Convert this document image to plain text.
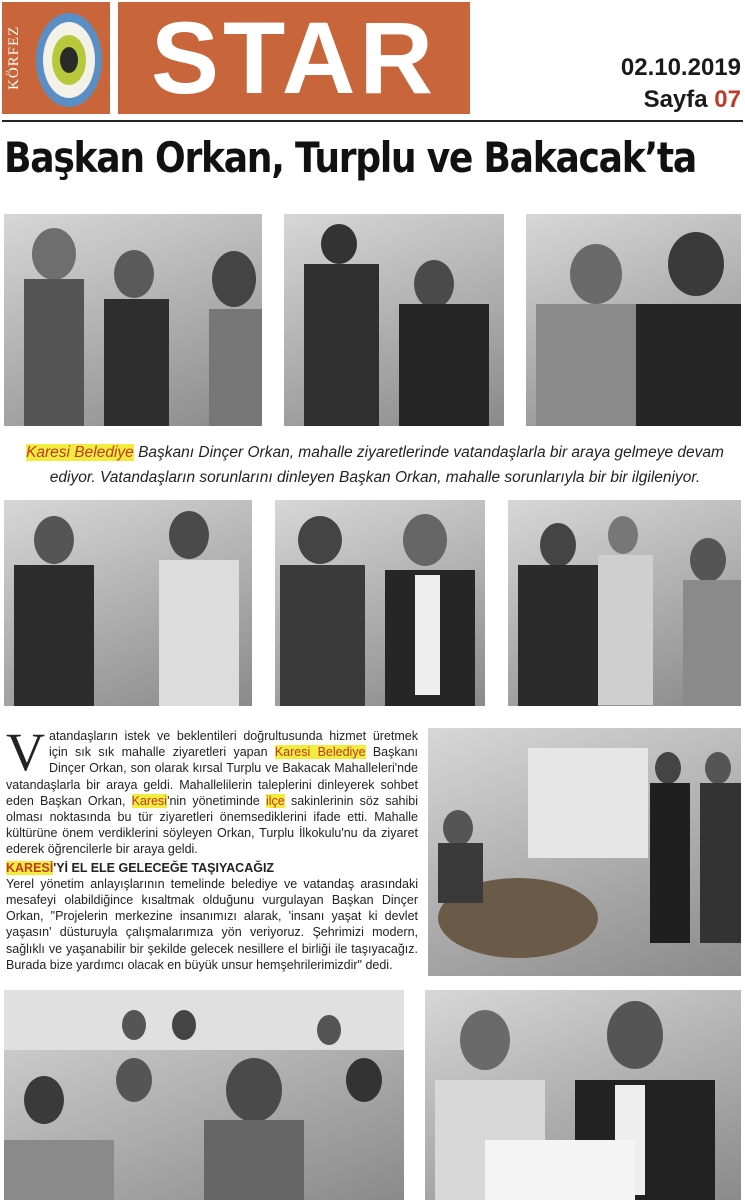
KÖRFEZ	STAR	02.10.2019
Sayfa 07
Başkan Orkan, Turplu ve Bakacak’ta
Karesi Belediye Başkanı Dinçer Orkan, mahalle ziyaretlerinde vatandaşlarla bir araya gelmeye devam ediyor. Vatandaşların sorunlarını dinleyen Başkan Orkan, mahalle sorunlarıyla bir bir ilgileniyor.
V atandaşların istek ve beklentileri doğrultusunda hizmet üretmek için sık sık mahalle ziyaretleri yapan Karesi Belediye Başkanı Dinçer Orkan, son olarak kırsal Turplu ve Bakacak Mahalleleri'nde vatandaşlarla bir araya geldi. Mahallelilerin taleplerini dinleyerek sohbet eden Başkan Orkan, Karesi'nin yönetiminde ilçe sakinlerinin söz sahibi olması noktasında bu tür ziyaretleri önemsediklerini ifade etti. Mahalle kültürüne önem verdiklerini söyleyen Orkan, Turplu İlkokulu'nu da ziyaret ederek öğrencilerle bir araya geldi.
KARESİ'Yİ EL ELE GELECEĞE TAŞIYACAĞIZ
Yerel yönetim anlayışlarının temelinde belediye ve vatandaş arasındaki mesafeyi olabildiğince kısaltmak olduğunu vurgulayan Başkan Dinçer Orkan, "Projelerin merkezine insanımızı alarak, 'insanı yaşat ki devlet yaşasın' düsturuyla çalışmalarımıza yön veriyoruz. Şehrimizi modern, sağlıklı ve yaşanabilir bir şekilde gelecek nesillere el birliği ile taşıyacağız. Burada bize yardımcı olacak en büyük unsur hemşehrilerimizdir" dedi.
